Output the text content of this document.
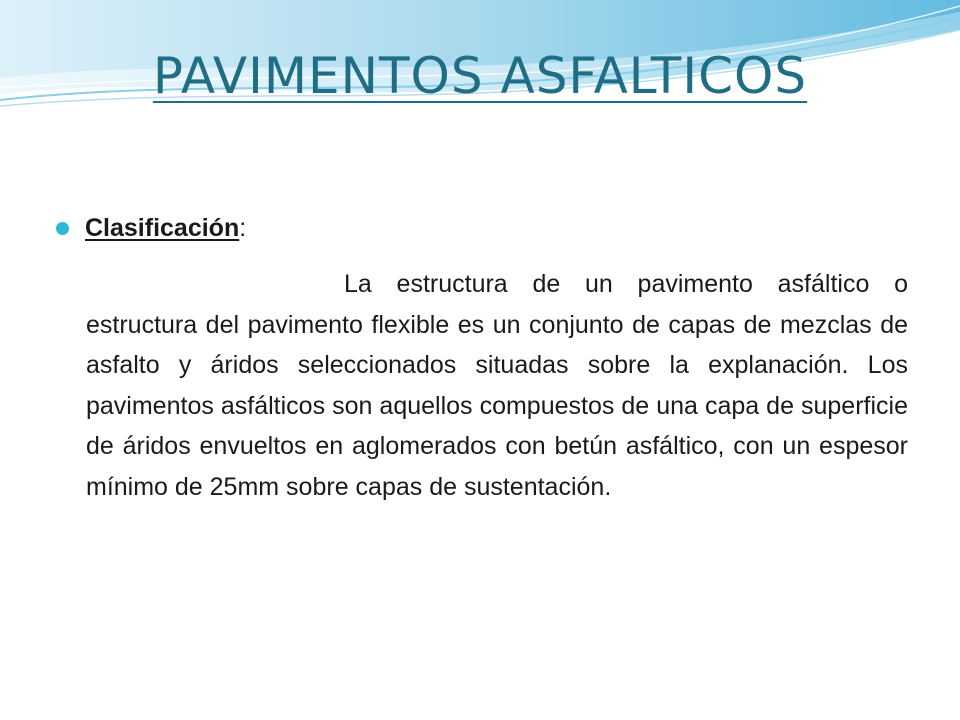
PAVIMENTOS ASFALTICOS
Clasificación:

La estructura de un pavimento asfáltico o estructura del pavimento flexible es un conjunto de capas de mezclas de asfalto y áridos seleccionados situadas sobre la explanación. Los pavimentos asfálticos son aquellos compuestos de una capa de superficie de áridos envueltos en aglomerados con betún asfáltico, con un espesor mínimo de 25mm sobre capas de sustentación.
